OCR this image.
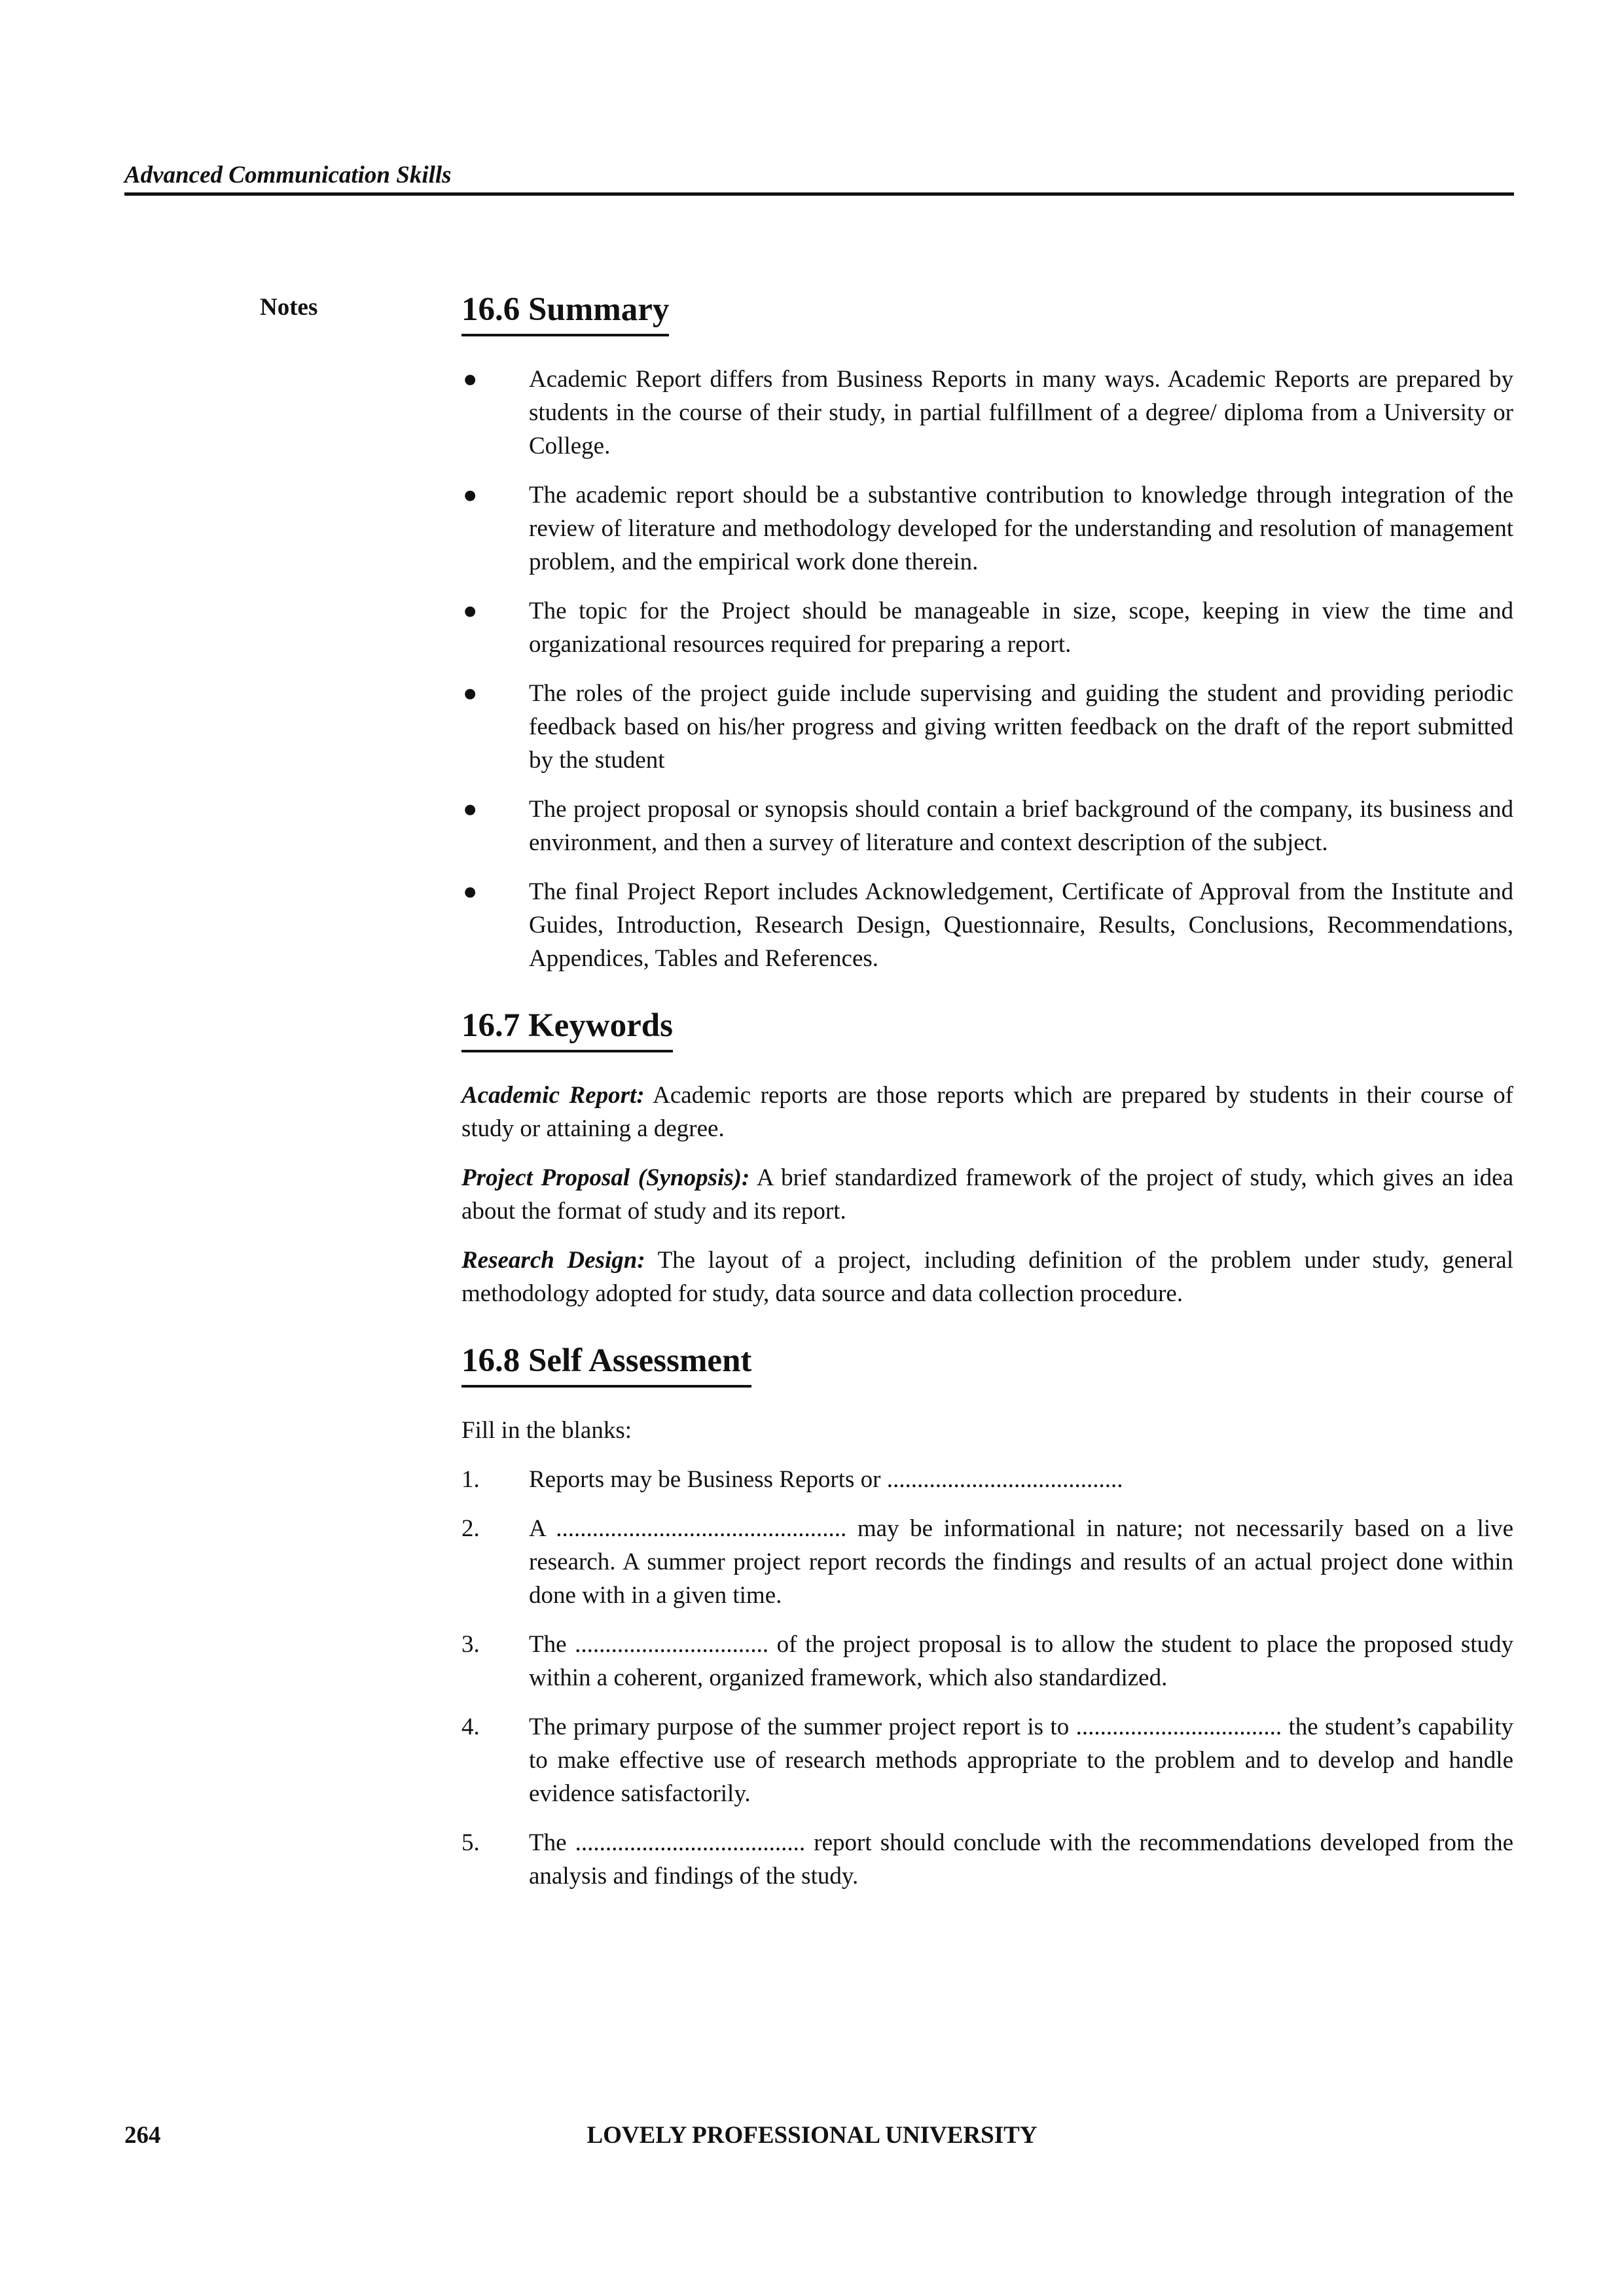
Advanced Communication Skills
Notes	16.6 Summary
● Academic Report differs from Business Reports in many ways. Academic Reports are prepared by students in the course of their study, in partial fulfillment of a degree/ diploma from a University or College.
● The academic report should be a substantive contribution to knowledge through integration of the review of literature and methodology developed for the understanding and resolution of management problem, and the empirical work done therein.
● The topic for the Project should be manageable in size, scope, keeping in view the time and organizational resources required for preparing a report.
● The roles of the project guide include supervising and guiding the student and providing periodic feedback based on his/her progress and giving written feedback on the draft of the report submitted by the student
● The project proposal or synopsis should contain a brief background of the company, its business and environment, and then a survey of literature and context description of the subject.
● The final Project Report includes Acknowledgement, Certificate of Approval from the Institute and Guides, Introduction, Research Design, Questionnaire, Results, Conclusions, Recommendations, Appendices, Tables and References.
16.7 Keywords

Academic Report: Academic reports are those reports which are prepared by students in their course of study or attaining a degree.

Project Proposal (Synopsis): A brief standardized framework of the project of study, which gives an idea about the format of study and its report.

Research Design: The layout of a project, including definition of the problem under study, general methodology adopted for study, data source and data collection procedure.

16.8 Self Assessment

Fill in the blanks:

1. Reports may be Business Reports or .......................................
2. A ................................................ may be informational in nature; not necessarily based on a live research. A summer project report records the findings and results of an actual project done within done with in a given time.
3. The ................................ of the project proposal is to allow the student to place the proposed study within a coherent, organized framework, which also standardized.
4. The primary purpose of the summer project report is to .................................. the student’s capability to make effective use of research methods appropriate to the problem and to develop and handle evidence satisfactorily.
5. The ...................................... report should conclude with the recommendations developed from the analysis and findings of the study.
LOVELY PROFESSIONAL UNIVERSITY
264
